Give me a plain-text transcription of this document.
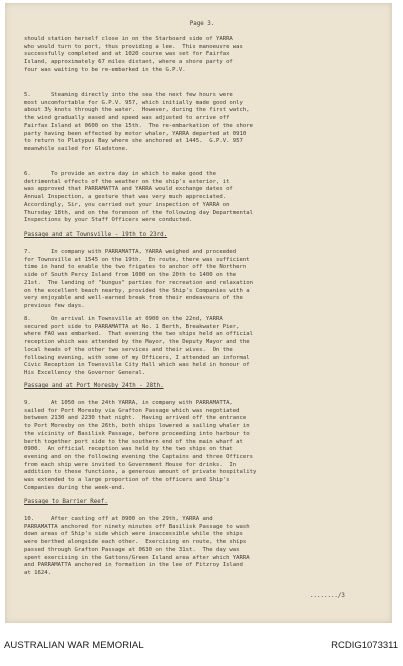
Page 3.
should station herself close in on the Starboard side of YARRA
who would turn to port, thus providing a lee.  This manoeuvre was
successfully completed and at 1020 course was set for Fairfax
Island, approximately 67 miles distant, where a shore party of
four was waiting to be re-embarked in the G.P.V.
5.      Steaming directly into the sea the next few hours were
most uncomfortable for G.P.V. 957, which initially made good only
about 3½ knots through the water.  However, during the first watch,
the wind gradually eased and speed was adjusted to arrive off
Fairfax Island at 0600 on the 15th.  The re-embarkation of the shore
party having been effected by motor whaler, YARRA departed at 0910
to return to Platypus Bay where she anchored at 1445.  G.P.V. 957
meanwhile sailed for Gladstone.
6.      To provide an extra day in which to make good the
detrimental effects of the weather on the ship's exterior, it
was approved that PARRAMATTA and YARRA would exchange dates of
Annual Inspection, a gesture that was very much appreciated.
Accordingly, Sir, you carried out your inspection of YARRA on
Thursday 18th, and on the forenoon of the following day Departmental
Inspections by your Staff Officers were conducted.
Passage and at Townsville - 19th to 23rd.
7.      In company with PARRAMATTA, YARRA weighed and proceeded
for Townsville at 1545 on the 19th.  En route, there was sufficient
time in hand to enable the two frigates to anchor off the Northern
side of South Percy Island from 1000 on the 20th to 1400 on the
21st.  The landing of "bungus" parties for recreation and relaxation
on the excellent beach nearby, provided the Ship's Companies with a
very enjoyable and well-earned break from their endeavours of the
previous few days.
8.      On arrival in Townsville at 0900 on the 22nd, YARRA
secured port side to PARRAMATTA at No. 1 Berth, Breakwater Pier,
where FAO was embarked.  That evening the two ships held an official
reception which was attended by the Mayor, the Deputy Mayor and the
local heads of the other two services and their wives.  On the
following evening, with some of my Officers, I attended an informal
Civic Reception in Townsville City Hall which was held in honour of
His Excellency the Governor General.
Passage and at Port Moresby 24th - 28th.
9.      At 1050 on the 24th YARRA, in company with PARRAMATTA,
sailed for Port Moresby via Grafton Passage which was negotiated
between 2130 and 2230 that night.  Having arrived off the entrance
to Port Moresby on the 26th, both ships lowered a sailing whaler in
the vicinity of Basilisk Passage, before proceeding into harbour to
berth together port side to the southern end of the main wharf at
0900.  An official reception was held by the two ships on that
evening and on the following evening the Captains and three Officers
from each ship were invited to Government House for drinks.  In
addition to these functions, a generous amount of private hospitality
was extended to a large proportion of the officers and Ship's
Companies during the week-end.
Passage to Barrier Reef.
10.     After casting off at 0900 on the 29th, YARRA and
PARRAMATTA anchored for ninety minutes off Basilisk Passage to wash
down areas of Ship's side which were inaccessible while the ships
were berthed alongside each other.  Exercising en route, the ships
passed through Grafton Passage at 0630 on the 31st.  The day was
spent exercising in the Gattons/Green Island area after which YARRA
and PARRAMATTA anchored in formation in the lee of Fitzroy Island
at 1624.
......../3
AUSTRALIAN WAR MEMORIAL	RCDIG1073311
